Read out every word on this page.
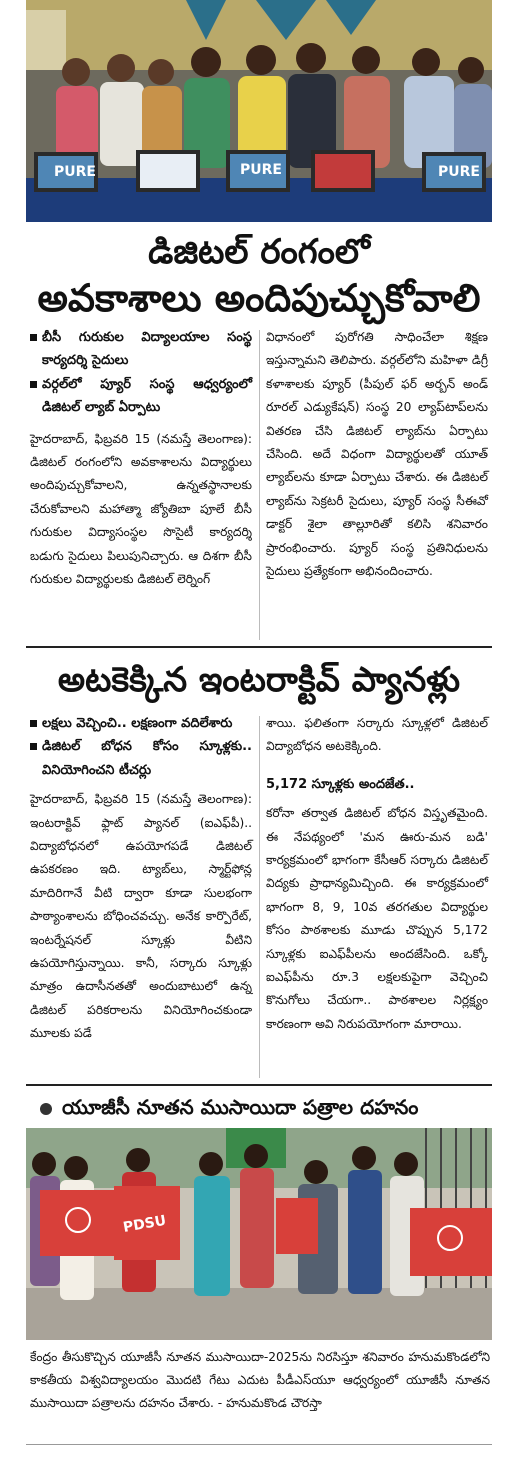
PURE	PURE	PURE
డిజిటల్ రంగంలో
అవకాశాలు అందిపుచ్చుకోవాలి
బీసీ గురుకుల విద్యాలయాల సంస్థ కార్యదర్శి సైదులు
వర్గల్‌లో ప్యూర్ సంస్థ ఆధ్వర్యంలో డిజిటల్ ల్యాబ్ ఏర్పాటు

హైదరాబాద్, ఫిబ్రవరి 15 (నమస్తే తెలంగాణ): డిజిటల్ రంగంలోని అవకాశాలను విద్యార్థులు అందిపుచ్చుకోవాలని, ఉన్నతస్థానాలకు చేరుకోవాలని మహాత్మా జ్యోతిబా పూలే బీసీ గురుకుల విద్యాసంస్థల సొసైటీ కార్యదర్శి బడుగు సైదులు పిలుపునిచ్చారు. ఆ దిశగా బీసీ గురుకుల విద్యార్థులకు డిజిటల్ లెర్నింగ్

విధానంలో పురోగతి సాధించేలా శిక్షణ ఇస్తున్నామని తెలిపారు. వర్గల్‌లోని మహిళా డిగ్రీ కళాశాలకు ప్యూర్ (పీపుల్ ఫర్ అర్బన్ అండ్ రూరల్ ఎడ్యుకేషన్) సంస్థ 20 ల్యాప్‌టాప్‌లను వితరణ చేసి డిజిటల్ ల్యాబ్‌ను ఏర్పాటు చేసింది. అదే విధంగా విద్యార్థులతో యూత్ ల్యాబ్‌లను కూడా ఏర్పాటు చేశారు. ఈ డిజిటల్ ల్యాబ్‌ను సెక్రటరీ సైదులు, ప్యూర్ సంస్థ సీఈవో డాక్టర్ శైలా తాల్లూరితో కలిసి శనివారం ప్రారంభించారు. ప్యూర్ సంస్థ ప్రతినిధులను సైదులు ప్రత్యేకంగా అభినందించారు.

అటకెక్కిన ఇంటరాక్టివ్ ప్యానళ్లు
లక్షలు వెచ్చించి.. లక్షణంగా వదిలేశారు
డిజిటల్ బోధన కోసం స్కూళ్లకు.. వినియోగించని టీచర్లు

హైదరాబాద్, ఫిబ్రవరి 15 (నమస్తే తెలంగాణ): ఇంటరాక్టివ్ ఫ్లాట్ ప్యానల్ (ఐఎఫ్‌పీ).. విద్యాబోధనలో ఉపయోగపడే డిజిటల్ ఉపకరణం ఇది. ట్యాబ్‌లు, స్మార్ట్‌ఫోన్ల మాదిరిగానే వీటి ద్వారా కూడా సులభంగా పాఠ్యాంశాలను బోధించవచ్చు. అనేక కార్పొరేట్, ఇంటర్నేషనల్ స్కూళ్లు వీటిని ఉపయోగిస్తున్నాయి. కానీ, సర్కారు స్కూళ్లు మాత్రం ఉదాసీనతతో అందుబాటులో ఉన్న డిజిటల్ పరికరాలను వినియోగించకుండా మూలకు పడే

శాయి. ఫలితంగా సర్కారు స్కూళ్లలో డిజిటల్ విద్యాబోధన అటకెక్కింది.

5,172 స్కూళ్లకు అందజేత..

కరోనా తర్వాత డిజిటల్ బోధన విస్తృతమైంది. ఈ నేపథ్యంలో 'మన ఊరు-మన బడి' కార్యక్రమంలో భాగంగా కేసీఆర్ సర్కారు డిజిటల్ విద్యకు ప్రాధాన్యమిచ్చింది. ఈ కార్యక్రమంలో భాగంగా 8, 9, 10వ తరగతుల విద్యార్థుల కోసం పాఠశాలకు మూడు చొప్పున 5,172 స్కూళ్లకు ఐఎఫ్‌పీలను అందజేసింది. ఒక్కో ఐఎఫ్‌పీను రూ.3 లక్షలకుపైగా వెచ్చించి కొనుగోలు చేయగా.. పాఠశాలల నిర్లక్ష్యం కారణంగా అవి నిరుపయోగంగా మారాయి.

యూజీసీ నూతన ముసాయిదా పత్రాల దహనం
PDSU
కేంద్రం తీసుకొచ్చిన యూజీసీ నూతన ముసాయిదా-2025ను నిరసిస్తూ శనివారం హనుమకొండలోని కాకతీయ విశ్వవిద్యాలయం మొదటి గేటు ఎదుట పీడీఎస్‌యూ ఆధ్వర్యంలో యూజీసీ నూతన ముసాయిదా పత్రాలను దహనం చేశారు. - హనుమకొండ చౌరస్తా
